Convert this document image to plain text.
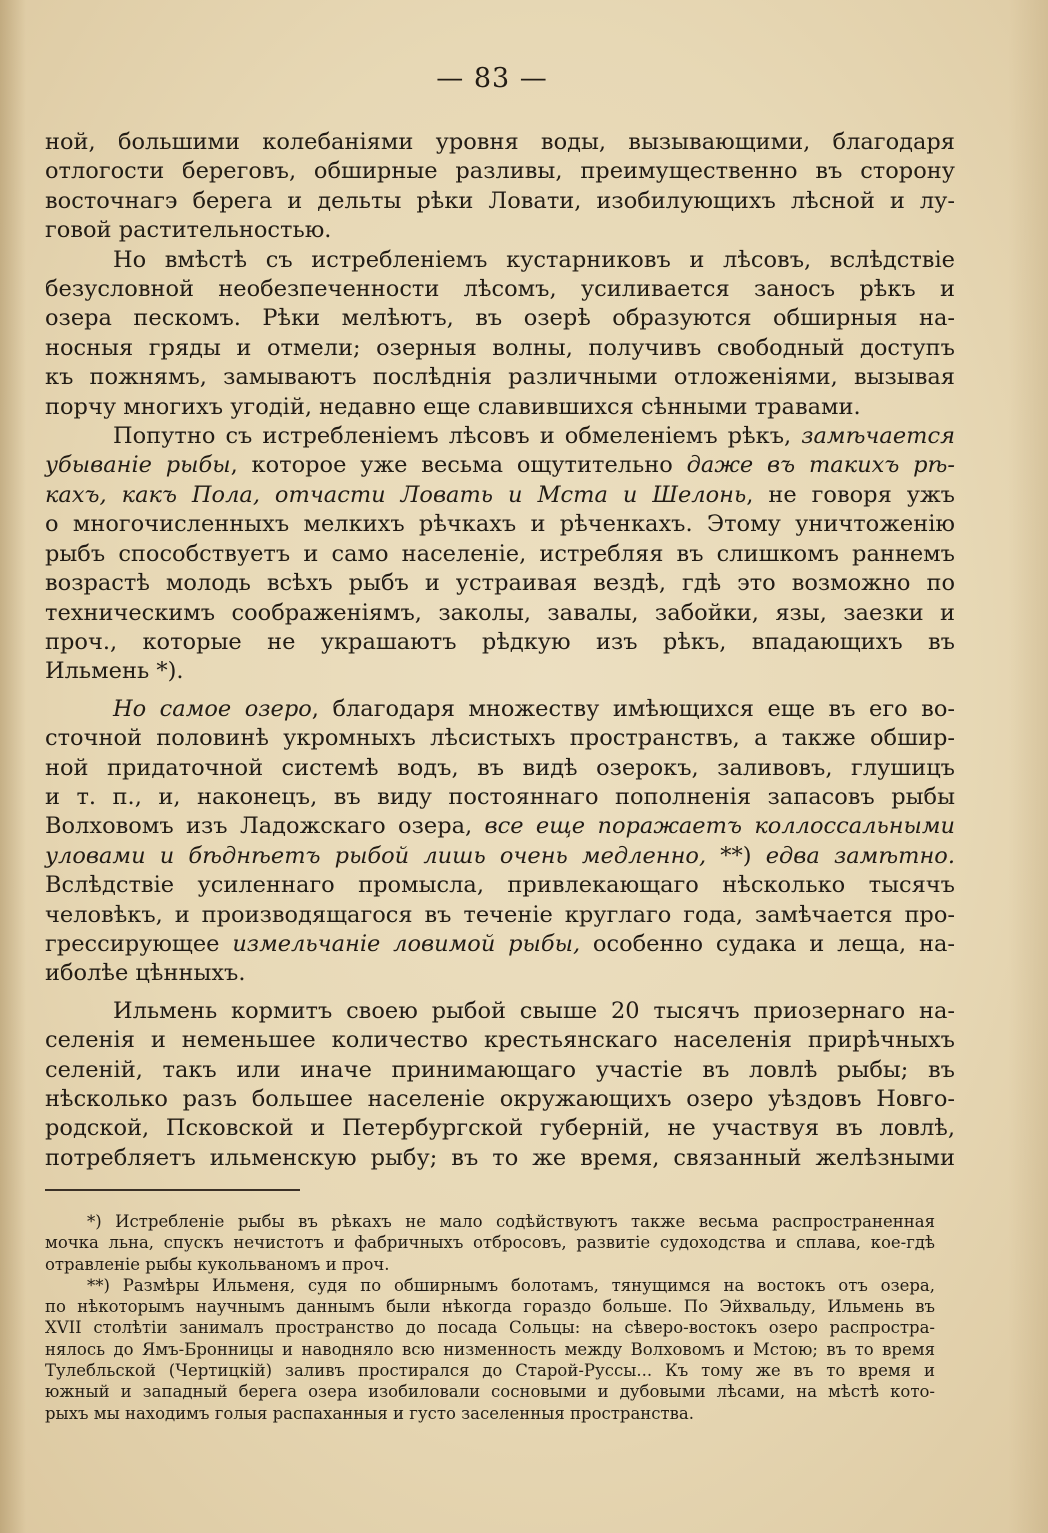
— 83 —
ной, большими колебаніями уровня воды, вызывающими, благодаря
отлогости береговъ, обширные разливы, преимущественно въ сторону
восточнагэ берега и дельты рѣки Ловати, изобилующихъ лѣсной и лу-
говой растительностью.
Но вмѣстѣ съ истребленіемъ кустарниковъ и лѣсовъ, вслѣдствіе
безусловной необезпеченности лѣсомъ, усиливается заносъ рѣкъ и
озера пескомъ. Рѣки мелѣютъ, въ озерѣ образуются обширныя на-
носныя гряды и отмели; озерныя волны, получивъ свободный доступъ
къ пожнямъ, замываютъ послѣднія различными отложеніями, вызывая
порчу многихъ угодій, недавно еще славившихся сѣнными травами.
Попутно съ истребленіемъ лѣсовъ и обмеленіемъ рѣкъ, замѣчается
убываніе рыбы, которое уже весьма ощутительно даже въ такихъ рѣ-
кахъ, какъ Пола, отчасти Ловать и Мста и Шелонь, не говоря ужъ
о многочисленныхъ мелкихъ рѣчкахъ и рѣченкахъ. Этому уничтоженію
рыбъ способствуетъ и само населеніе, истребляя въ слишкомъ раннемъ
возрастѣ молодь всѣхъ рыбъ и устраивая вездѣ, гдѣ это возможно по
техническимъ соображеніямъ, заколы, завалы, забойки, язы, заезки и
проч., которые не украшаютъ рѣдкую изъ рѣкъ, впадающихъ въ
Ильмень *).
Но самое озеро, благодаря множеству имѣющихся еще въ его во-
сточной половинѣ укромныхъ лѣсистыхъ пространствъ, а также обшир-
ной придаточной системѣ водъ, въ видѣ озерокъ, заливовъ, глушицъ
и т. п., и, наконецъ, въ виду постояннаго пополненія запасовъ рыбы
Волховомъ изъ Ладожскаго озера, все еще поражаетъ коллоссальными
уловами и бѣднѣетъ рыбой лишь очень медленно, **) едва замѣтно.
Вслѣдствіе усиленнаго промысла, привлекающаго нѣсколько тысячъ
человѣкъ, и производящагося въ теченіе круглаго года, замѣчается про-
грессирующее измельчаніе ловимой рыбы, особенно судака и леща, на-
иболѣе цѣнныхъ.
Ильмень кормитъ своею рыбой свыше 20 тысячъ приозернаго на-
селенія и неменьшее количество крестьянскаго населенія прирѣчныхъ
селеній, такъ или иначе принимающаго участіе въ ловлѣ рыбы; въ
нѣсколько разъ большее населеніе окружающихъ озеро уѣздовъ Новго-
родской, Псковской и Петербургской губерній, не участвуя въ ловлѣ,
потребляетъ ильменскую рыбу; въ то же время, связанный желѣзными
*) Истребленіе рыбы въ рѣкахъ не мало содѣйствуютъ также весьма распространенная
мочка льна, спускъ нечистотъ и фабричныхъ отбросовъ, развитіе судоходства и сплава, кое-гдѣ
отравленіе рыбы кукольваномъ и проч.
**) Размѣры Ильменя, судя по обширнымъ болотамъ, тянущимся на востокъ отъ озера,
по нѣкоторымъ научнымъ даннымъ были нѣкогда гораздо больше. По Эйхвальду, Ильмень въ
XVII столѣтіи занималъ пространство до посада Сольцы: на сѣверо-востокъ озеро распростра-
нялось до Ямъ-Бронницы и наводняло всю низменность между Волховомъ и Мстою; въ то время
Тулебльской (Чертицкій) заливъ простирался до Старой-Руссы... Къ тому же въ то время и
южный и западный берега озера изобиловали сосновыми и дубовыми лѣсами, на мѣстѣ кото-
рыхъ мы находимъ голыя распаханныя и густо заселенныя пространства.
